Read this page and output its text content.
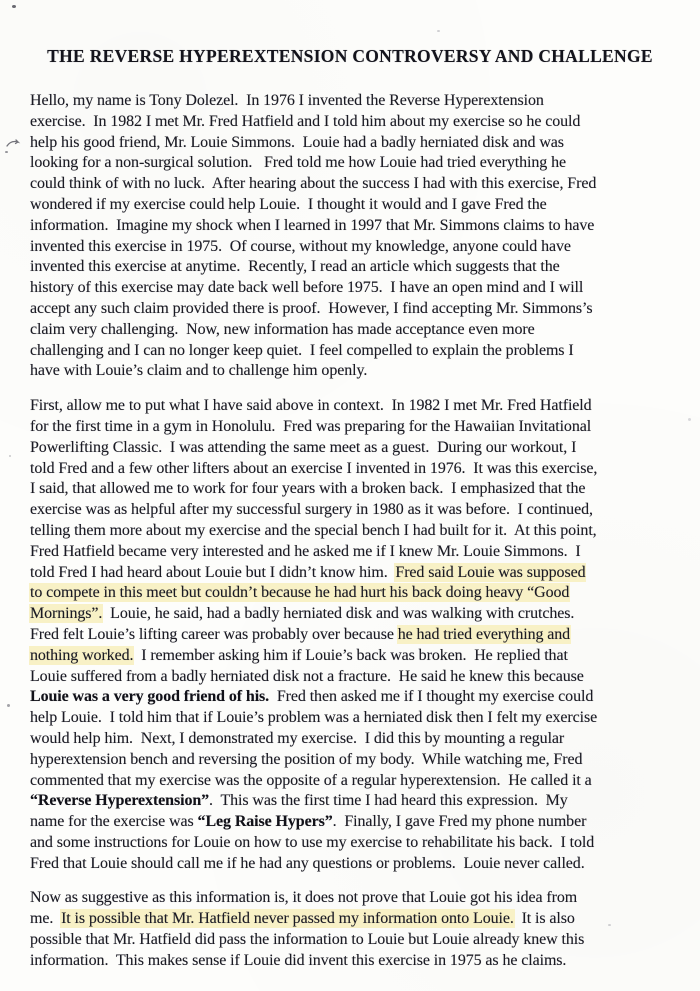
THE REVERSE HYPEREXTENSION CONTROVERSY AND CHALLENGE
Hello, my name is Tony Dolezel.  In 1976 I invented the Reverse Hyperextension
exercise.  In 1982 I met Mr. Fred Hatfield and I told him about my exercise so he could
help his good friend, Mr. Louie Simmons.  Louie had a badly herniated disk and was
looking for a non-surgical solution.   Fred told me how Louie had tried everything he
could think of with no luck.  After hearing about the success I had with this exercise, Fred
wondered if my exercise could help Louie.  I thought it would and I gave Fred the
information.  Imagine my shock when I learned in 1997 that Mr. Simmons claims to have
invented this exercise in 1975.  Of course, without my knowledge, anyone could have
invented this exercise at anytime.  Recently, I read an article which suggests that the
history of this exercise may date back well before 1975.  I have an open mind and I will
accept any such claim provided there is proof.  However, I find accepting Mr. Simmons’s
claim very challenging.  Now, new information has made acceptance even more
challenging and I can no longer keep quiet.  I feel compelled to explain the problems I
have with Louie’s claim and to challenge him openly.
First, allow me to put what I have said above in context.  In 1982 I met Mr. Fred Hatfield
for the first time in a gym in Honolulu.  Fred was preparing for the Hawaiian Invitational
Powerlifting Classic.  I was attending the same meet as a guest.  During our workout, I
told Fred and a few other lifters about an exercise I invented in 1976.  It was this exercise,
I said, that allowed me to work for four years with a broken back.  I emphasized that the
exercise was as helpful after my successful surgery in 1980 as it was before.  I continued,
telling them more about my exercise and the special bench I had built for it.  At this point,
Fred Hatfield became very interested and he asked me if I knew Mr. Louie Simmons.  I
told Fred I had heard about Louie but I didn’t know him.  Fred said Louie was supposed
to compete in this meet but couldn’t because he had hurt his back doing heavy “Good
Mornings”.  Louie, he said, had a badly herniated disk and was walking with crutches.
Fred felt Louie’s lifting career was probably over because he had tried everything and
nothing worked.  I remember asking him if Louie’s back was broken.  He replied that
Louie suffered from a badly herniated disk not a fracture.  He said he knew this because
Louie was a very good friend of his.  Fred then asked me if I thought my exercise could
help Louie.  I told him that if Louie’s problem was a herniated disk then I felt my exercise
would help him.  Next, I demonstrated my exercise.  I did this by mounting a regular
hyperextension bench and reversing the position of my body.  While watching me, Fred
commented that my exercise was the opposite of a regular hyperextension.  He called it a
“Reverse Hyperextension”.  This was the first time I had heard this expression.  My
name for the exercise was “Leg Raise Hypers”.  Finally, I gave Fred my phone number
and some instructions for Louie on how to use my exercise to rehabilitate his back.  I told
Fred that Louie should call me if he had any questions or problems.  Louie never called.
Now as suggestive as this information is, it does not prove that Louie got his idea from
me.  It is possible that Mr. Hatfield never passed my information onto Louie.  It is also
possible that Mr. Hatfield did pass the information to Louie but Louie already knew this
information.  This makes sense if Louie did invent this exercise in 1975 as he claims.
